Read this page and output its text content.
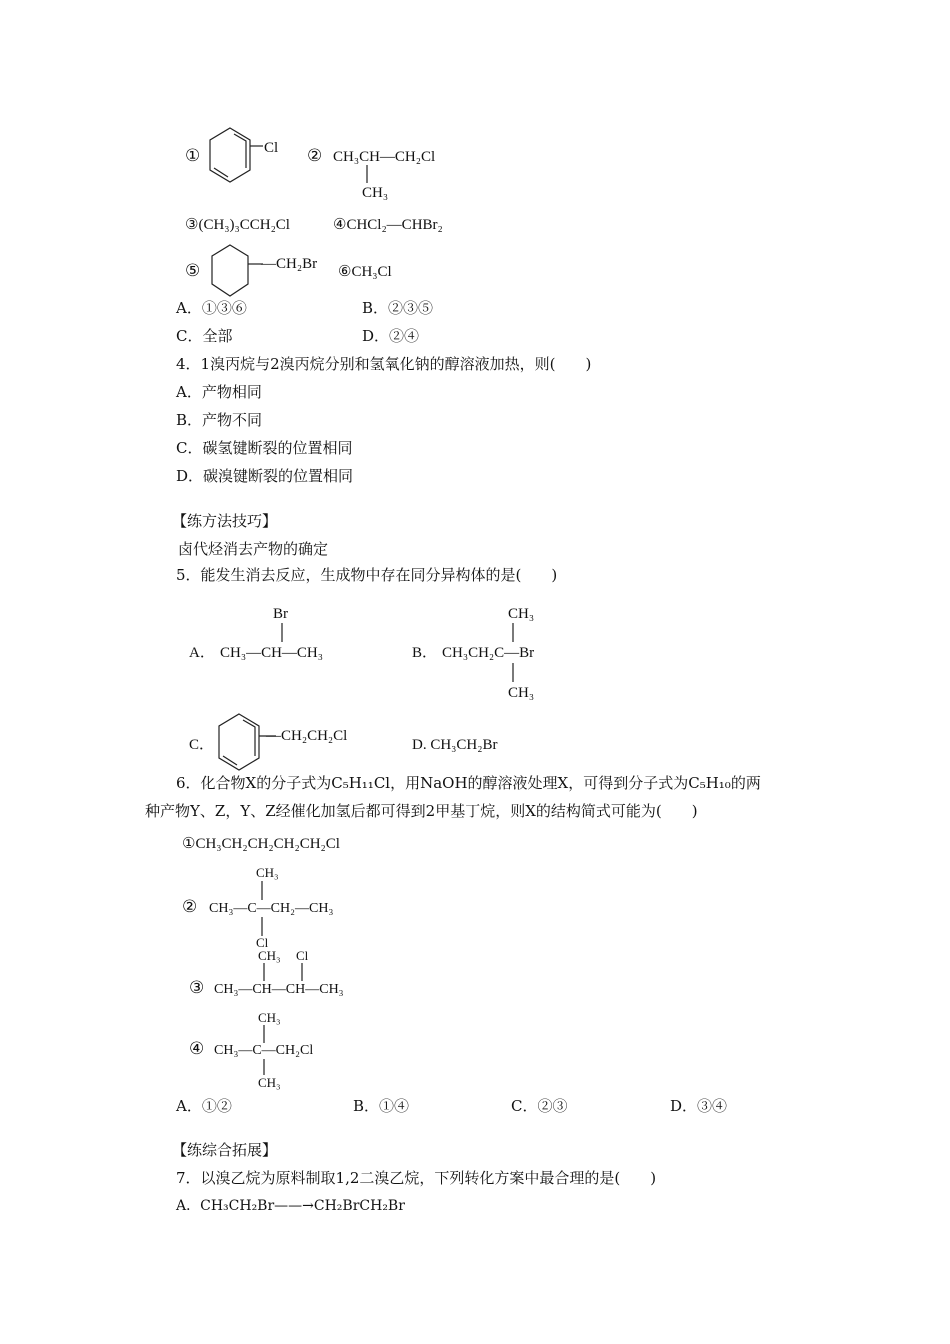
①	Cl ② CH₃CH—CH₂Cl
CH₃
③(CH₃)₃CCH₂Cl	④CHCl₂—CHBr₂
⑤	—CH₂Br ⑥CH₃Cl
A．①③⑥	B．②③⑤
C．全部	D．②④
4．1溴丙烷与2溴丙烷分别和氢氧化钠的醇溶液加热，则(　　)
A．产物相同
B．产物不同
C．碳氢键断裂的位置相同
D．碳溴键断裂的位置相同
【练方法技巧】
卤代烃消去产物的确定
5．能发生消去反应，生成物中存在同分异构体的是(　　)
A．
Br
CH₃—CH—CH₃	B．
CH₃
CH₃CH₂C—Br
CH₃
C．
—CH₂CH₂Cl
D. CH₃CH₂Br
6．化合物X的分子式为C₅H₁₁Cl，用NaOH的醇溶液处理X，可得到分子式为C₅H₁₀的两
种产物Y、Z，Y、Z经催化加氢后都可得到2甲基丁烷，则X的结构简式可能为(　　)
①CH₃CH₂CH₂CH₂CH₂Cl
②
CH₃
CH₃—C—CH₂—CH₃
Cl
③
CH₃ Cl
CH₃—CH—CH—CH₃
④
CH₃
CH₃—C—CH₂Cl
CH₃
A．①②	B．①④	C．②③	D．③④
【练综合拓展】
7．以溴乙烷为原料制取1,2二溴乙烷，下列转化方案中最合理的是(　　)
A．CH₃CH₂Br——→CH₂BrCH₂Br
